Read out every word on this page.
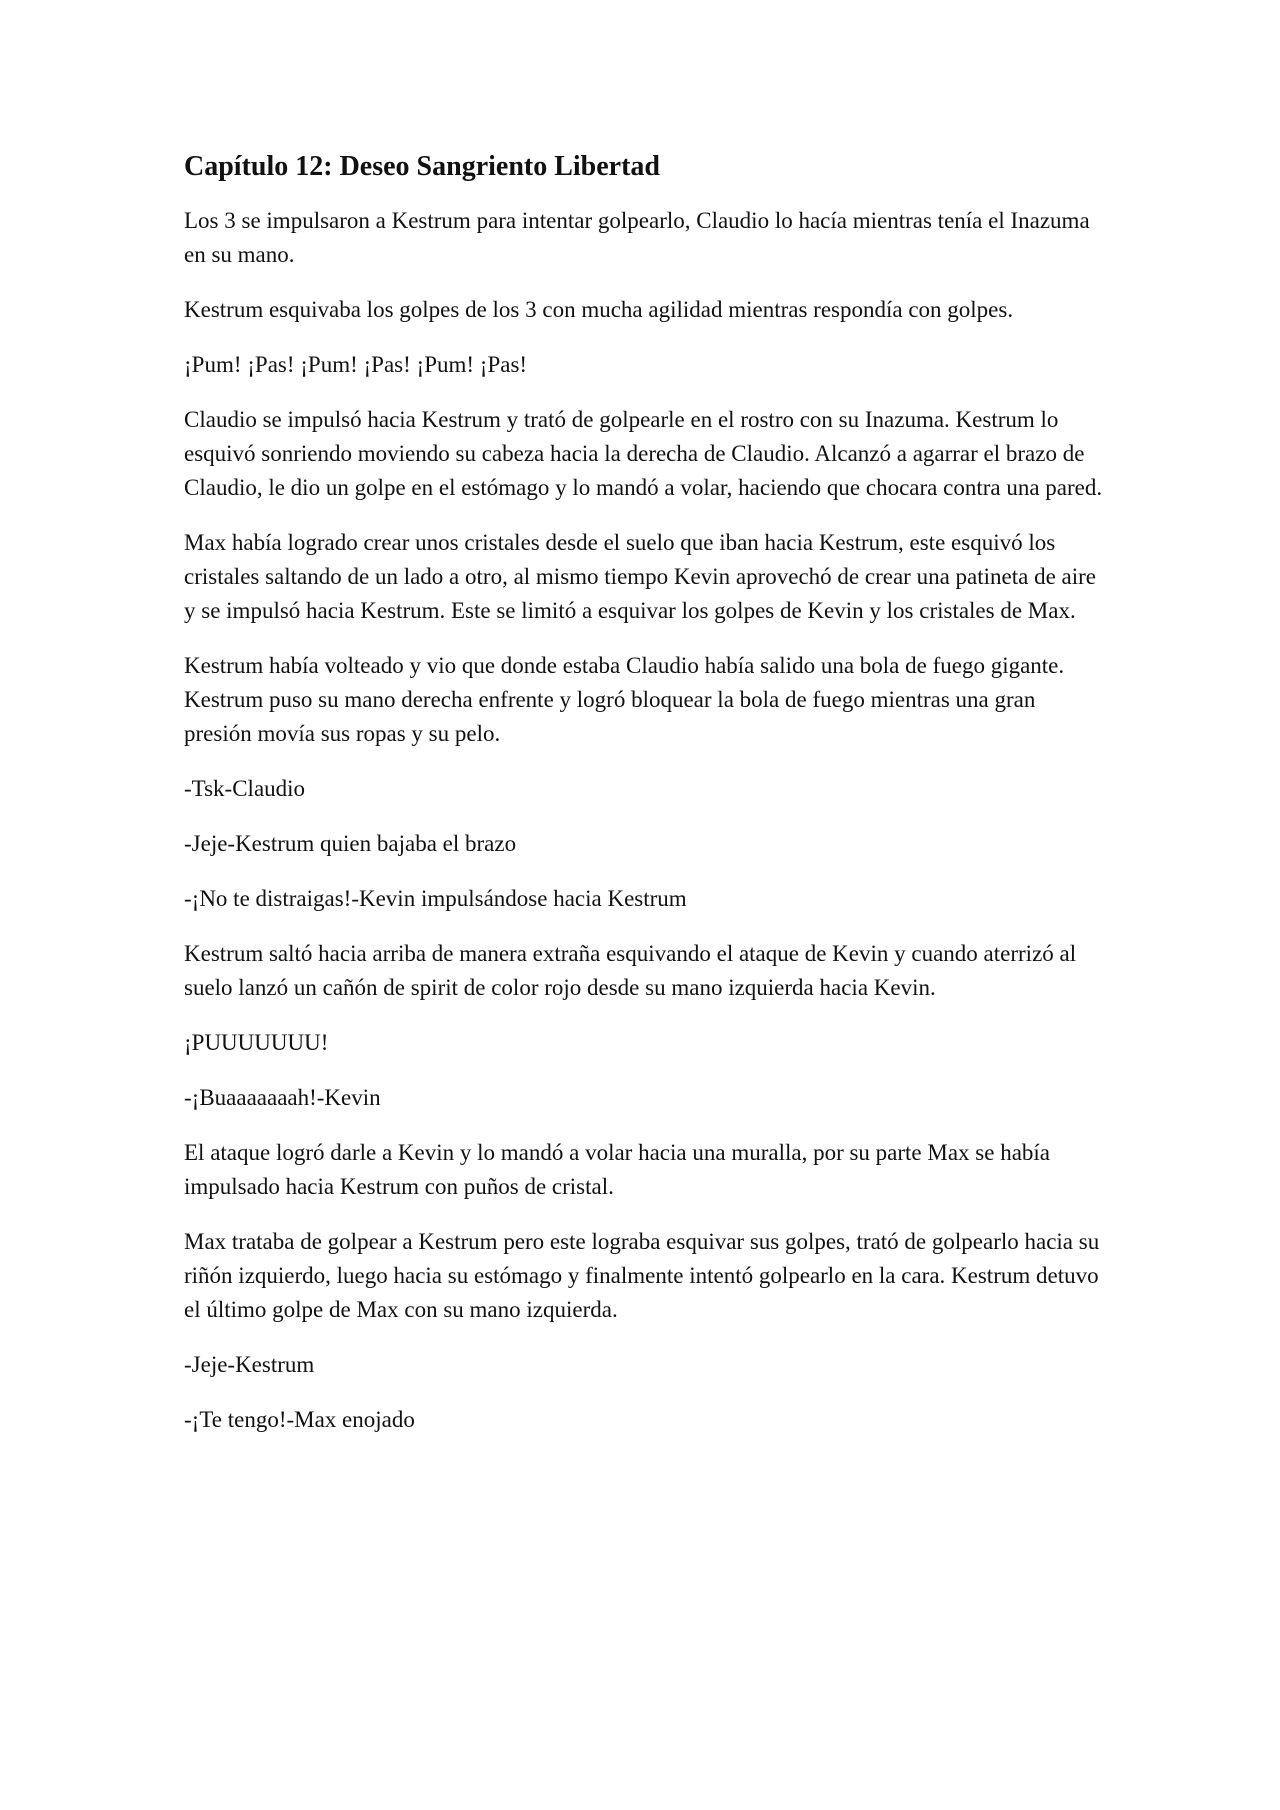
Capítulo 12: Deseo Sangriento Libertad

Los 3 se impulsaron a Kestrum para intentar golpearlo, Claudio lo hacía mientras tenía el Inazuma en su mano.

Kestrum esquivaba los golpes de los 3 con mucha agilidad mientras respondía con golpes.

¡Pum! ¡Pas! ¡Pum! ¡Pas! ¡Pum! ¡Pas!

Claudio se impulsó hacia Kestrum y trató de golpearle en el rostro con su Inazuma. Kestrum lo esquivó sonriendo moviendo su cabeza hacia la derecha de Claudio. Alcanzó a agarrar el brazo de Claudio, le dio un golpe en el estómago y lo mandó a volar, haciendo que chocara contra una pared.

Max había logrado crear unos cristales desde el suelo que iban hacia Kestrum, este esquivó los cristales saltando de un lado a otro, al mismo tiempo Kevin aprovechó de crear una patineta de aire y se impulsó hacia Kestrum. Este se limitó a esquivar los golpes de Kevin y los cristales de Max.

Kestrum había volteado y vio que donde estaba Claudio había salido una bola de fuego gigante. Kestrum puso su mano derecha enfrente y logró bloquear la bola de fuego mientras una gran presión movía sus ropas y su pelo.

-Tsk-Claudio

-Jeje-Kestrum quien bajaba el brazo

-¡No te distraigas!-Kevin impulsándose hacia Kestrum

Kestrum saltó hacia arriba de manera extraña esquivando el ataque de Kevin y cuando aterrizó al suelo lanzó un cañón de spirit de color rojo desde su mano izquierda hacia Kevin.

¡PUUUUUUU!

-¡Buaaaaaaah!-Kevin

El ataque logró darle a Kevin y lo mandó a volar hacia una muralla, por su parte Max se había impulsado hacia Kestrum con puños de cristal.

Max trataba de golpear a Kestrum pero este lograba esquivar sus golpes, trató de golpearlo hacia su riñón izquierdo, luego hacia su estómago y finalmente intentó golpearlo en la cara. Kestrum detuvo el último golpe de Max con su mano izquierda.

-Jeje-Kestrum

-¡Te tengo!-Max enojado
